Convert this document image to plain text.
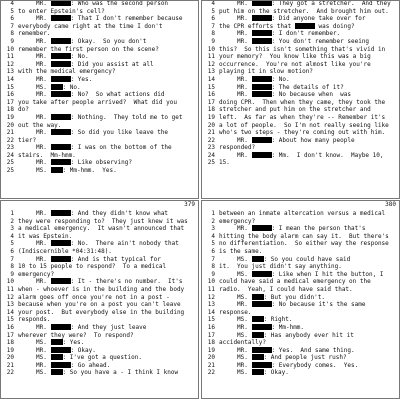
4 MR.	: Who was the second person
5 to enter Epstein's cell?
6 MR.	: That I don't remember because
7 everybody came right at the time I don't
8 remember.
9 MR.	: Okay.  So you don't
10 remember the first person on the scene?
11 MR.	: No.
12 MR.	: Did you assist at all
13 with the medical emergency?
14 MR.	: Yes.
15 MS. : No.
16 MR.	: No?  So what actions did
17 you take after people arrived?  What did you
18 do?
19 MR.	: Nothing.  They told me to get
20 out the way.
21 MR.	: So did you like leave the
22 tier?
23 MR.	: I was on the bottom of the
24 stairs.  Mm-hmm.
25 MR.	: Like observing?
25 MS. : Mm-hmm.  Yes.
4 MR.	: They got a stretcher.  And they
5 put him on the stretcher.  And brought him out.
6 MR.	: Did anyone take over for
7 the CPR efforts that	was doing?
8 MR.	: I don't remember.
9 MR.	: You don't remember seeing
10 this?  So this isn't something that's vivid in
11 your memory?  You know like this was a big
12 occurrence.  You're not almost like you're
13 playing it in slow motion?
14 MR.	: No.
15 MR.	: The details of it?
16 MR.	: No because when  was
17 doing CPR.  Then when they came, they took the
18 stretcher and put him on the stretcher and
19 left.  As far as when they're -- Remember it's
20 a lot of people.  So I'm not really seeing like
21 who's two steps - they're coming out with him.
22 MR.	: About how many people
23 responded?
24 MR.	: Mm.  I don't know.  Maybe 10,
25 15.
379
1 MR.	: And they didn't know what
2 they were responding to?  They just knew it was
3 a medical emergency.  It wasn't announced that
4 it was Epstein.
5 MR.	: No.  There ain't nobody that
6 (Indiscernible *04:31:48).
7 MR.	: And is that typical for
8 10 to 15 people to respond?  To a medical
9 emergency?
10 MR.	: It - there's no number.  It's
11 when - whoever is in the building and the body
12 alarm goes off once you're not in a post -
13 because when you're on a post you can't leave
14 your post.  But everybody else in the building
15 responds.
16 MR.	: And they just leave
17 wherever they were?  To respond?
18 MS. : Yes.
19 MR.	: Okay.
20 MS. : I've got a question.
21 MR.	: Go ahead.
22 MS. : So you have a - I think I know
380
1 between an inmate altercation versus a medical
2 emergency?
3 MR.	: I mean the person that's
4 hitting the body alarm can say it.  But there's
5 no differentiation.  So either way the response
6 is the same.
7 MS. : So you could have said
8 it.  You just didn't say anything.
9 MS.	: Like when I hit the button, I
10 could have said a medical emergency on the
11 radio.  Yeah, I could have said that.
12 MS. : But you didn't.
13 MR.	: No because it's the same
14 response.
15 MS. : Right.
16 MR.	: Mm-hmm.
17 MS. : Has anybody ever hit it
18 accidentally?
19 MR.	: Yes.  And same thing.
20 MS. : And people just rush?
21 MR.	: Everybody comes.  Yes.
22 MS. : Okay.
